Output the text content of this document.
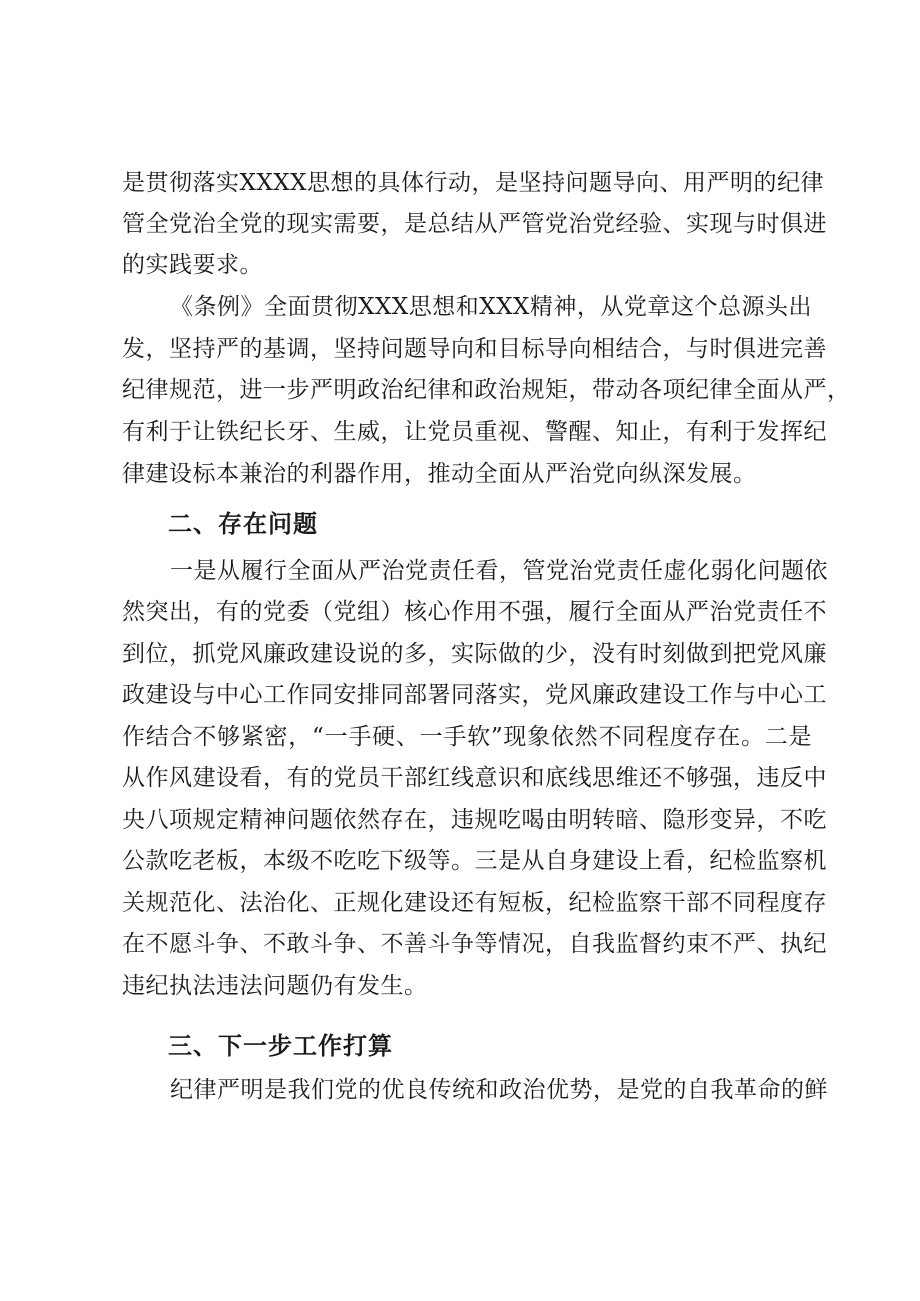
是贯彻落实XXXX思想的具体行动，是坚持问题导向、用严明的纪律
管全党治全党的现实需要，是总结从严管党治党经验、实现与时俱进
的实践要求。
《条例》全面贯彻XXX思想和XXX精神，从党章这个总源头出
发，坚持严的基调，坚持问题导向和目标导向相结合，与时俱进完善
纪律规范，进一步严明政治纪律和政治规矩，带动各项纪律全面从严，
有利于让铁纪长牙、生威，让党员重视、警醒、知止，有利于发挥纪
律建设标本兼治的利器作用，推动全面从严治党向纵深发展。
二、存在问题
一是从履行全面从严治党责任看，管党治党责任虚化弱化问题依
然突出，有的党委（党组）核心作用不强，履行全面从严治党责任不
到位，抓党风廉政建设说的多，实际做的少，没有时刻做到把党风廉
政建设与中心工作同安排同部署同落实，党风廉政建设工作与中心工
作结合不够紧密，“一手硬、一手软”现象依然不同程度存在。二是
从作风建设看，有的党员干部红线意识和底线思维还不够强，违反中
央八项规定精神问题依然存在，违规吃喝由明转暗、隐形变异，不吃
公款吃老板，本级不吃吃下级等。三是从自身建设上看，纪检监察机
关规范化、法治化、正规化建设还有短板，纪检监察干部不同程度存
在不愿斗争、不敢斗争、不善斗争等情况，自我监督约束不严、执纪
违纪执法违法问题仍有发生。
三、下一步工作打算
纪律严明是我们党的优良传统和政治优势，是党的自我革命的鲜
